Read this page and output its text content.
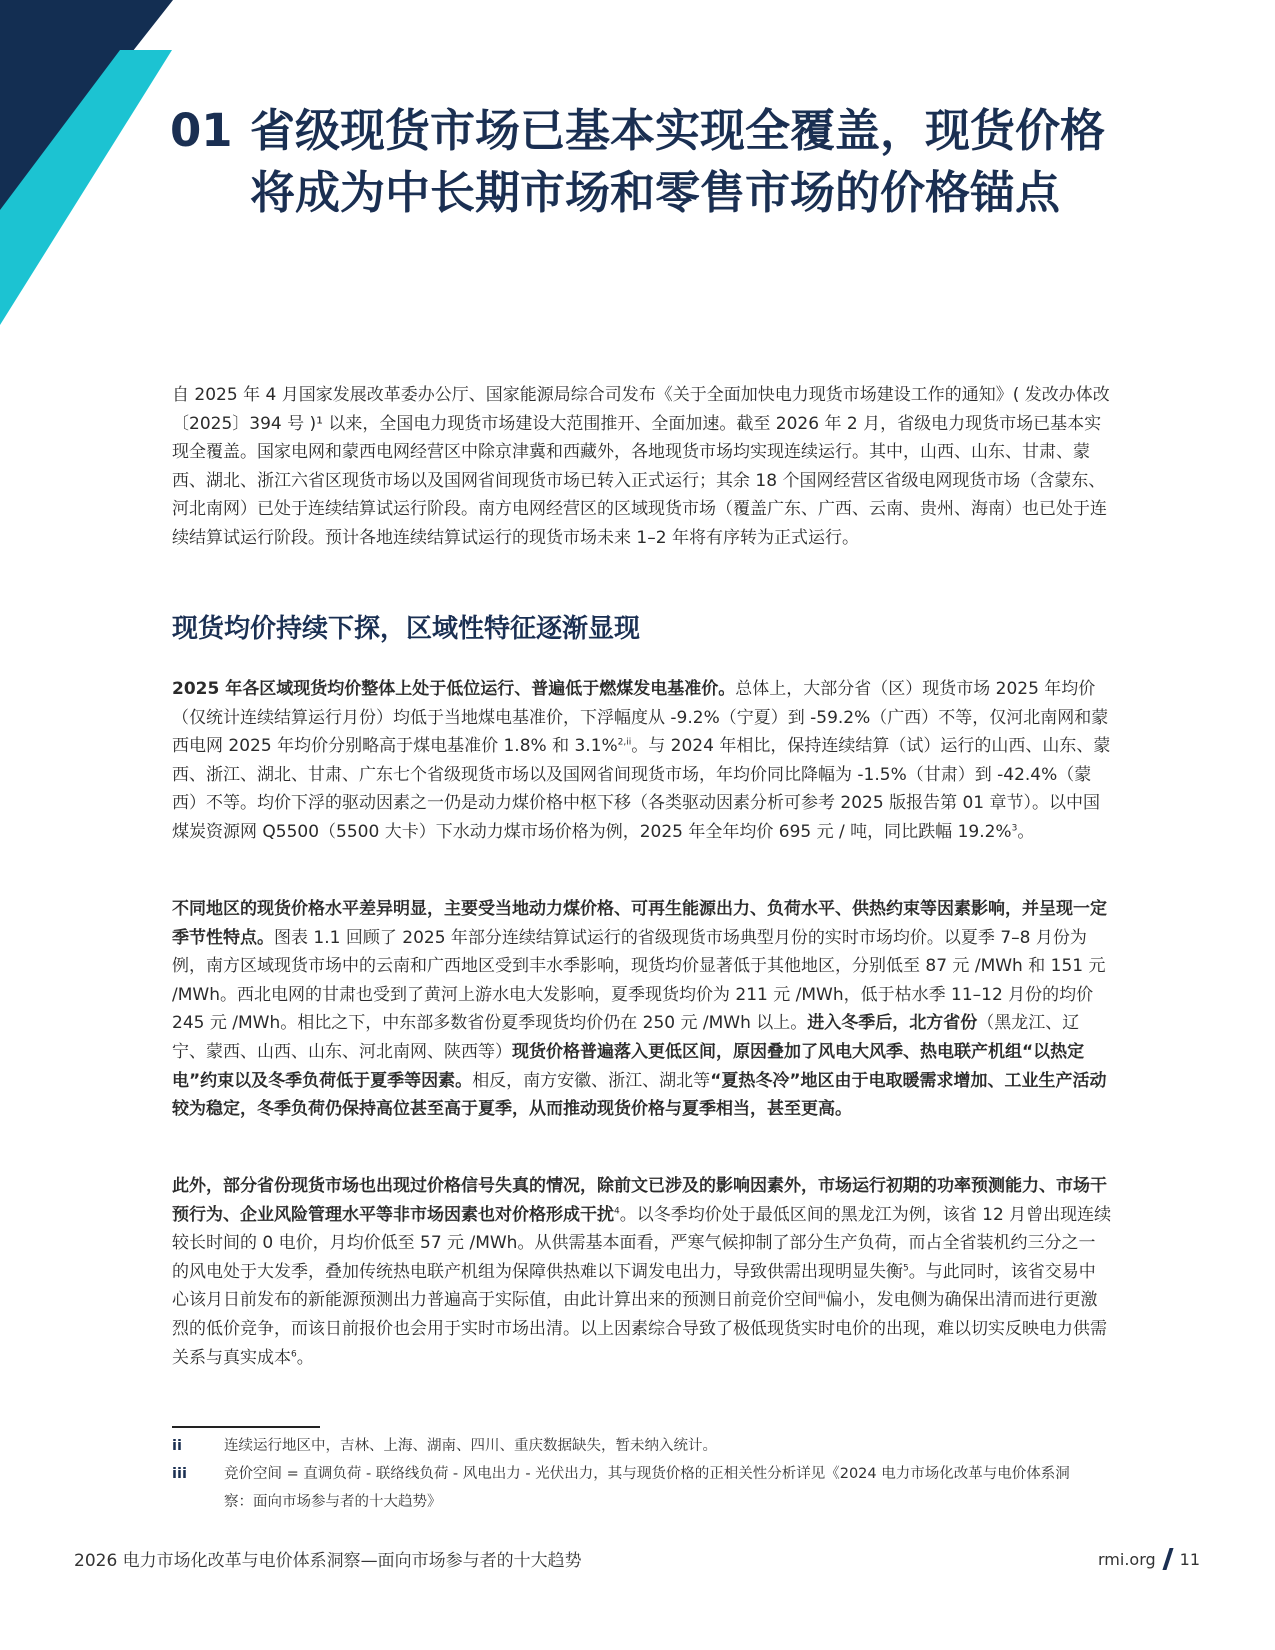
01 省级现货市场已基本实现全覆盖，现货价格将成为中长期市场和零售市场的价格锚点
自 2025 年 4 月国家发展改革委办公厅、国家能源局综合司发布《关于全面加快电力现货市场建设工作的通知》( 发改办体改〔2025〕394 号 )¹ 以来，全国电力现货市场建设大范围推开、全面加速。截至 2026 年 2 月，省级电力现货市场已基本实现全覆盖。国家电网和蒙西电网经营区中除京津冀和西藏外，各地现货市场均实现连续运行。其中，山西、山东、甘肃、蒙西、湖北、浙江六省区现货市场以及国网省间现货市场已转入正式运行；其余 18 个国网经营区省级电网现货市场（含蒙东、河北南网）已处于连续结算试运行阶段。南方电网经营区的区域现货市场（覆盖广东、广西、云南、贵州、海南）也已处于连续结算试运行阶段。预计各地连续结算试运行的现货市场未来 1–2 年将有序转为正式运行。
现货均价持续下探，区域性特征逐渐显现
2025 年各区域现货均价整体上处于低位运行、普遍低于燃煤发电基准价。总体上，大部分省（区）现货市场 2025 年均价（仅统计连续结算运行月份）均低于当地煤电基准价，下浮幅度从 -9.2%（宁夏）到 -59.2%（广西）不等，仅河北南网和蒙西电网 2025 年均价分别略高于煤电基准价 1.8% 和 3.1%$^{2,ii}$。与 2024 年相比，保持连续结算（试）运行的山西、山东、蒙西、浙江、湖北、甘肃、广东七个省级现货市场以及国网省间现货市场，年均价同比降幅为 -1.5%（甘肃）到 -42.4%（蒙西）不等。均价下浮的驱动因素之一仍是动力煤价格中枢下移（各类驱动因素分析可参考 2025 版报告第 01 章节）。以中国煤炭资源网 Q5500（5500 大卡）下水动力煤市场价格为例，2025 年全年均价 695 元 / 吨，同比跌幅 19.2%$^3$。
不同地区的现货价格水平差异明显，主要受当地动力煤价格、可再生能源出力、负荷水平、供热约束等因素影响，并呈现一定季节性特点。图表 1.1 回顾了 2025 年部分连续结算试运行的省级现货市场典型月份的实时市场均价。以夏季 7–8 月份为例，南方区域现货市场中的云南和广西地区受到丰水季影响，现货均价显著低于其他地区，分别低至 87 元 /MWh 和 151 元 /MWh。西北电网的甘肃也受到了黄河上游水电大发影响，夏季现货均价为 211 元 /MWh，低于枯水季 11–12 月份的均价 245 元 /MWh。相比之下，中东部多数省份夏季现货均价仍在 250 元 /MWh 以上。进入冬季后，北方省份（黑龙江、辽宁、蒙西、山西、山东、河北南网、陕西等）现货价格普遍落入更低区间，原因叠加了风电大风季、热电联产机组“以热定电”约束以及冬季负荷低于夏季等因素。相反，南方安徽、浙江、湖北等“夏热冬冷”地区由于电取暖需求增加、工业生产活动较为稳定，冬季负荷仍保持高位甚至高于夏季，从而推动现货价格与夏季相当，甚至更高。
此外，部分省份现货市场也出现过价格信号失真的情况，除前文已涉及的影响因素外，市场运行初期的功率预测能力、市场干预行为、企业风险管理水平等非市场因素也对价格形成干扰$^4$。以冬季均价处于最低区间的黑龙江为例，该省 12 月曾出现连续较长时间的 0 电价，月均价低至 57 元 /MWh。从供需基本面看，严寒气候抑制了部分生产负荷，而占全省装机约三分之一的风电处于大发季，叠加传统热电联产机组为保障供热难以下调发电出力，导致供需出现明显失衡$^5$。与此同时，该省交易中心该月日前发布的新能源预测出力普遍高于实际值，由此计算出来的预测日前竞价空间$^{iii}$偏小，发电侧为确保出清而进行更激烈的低价竞争，而该日前报价也会用于实时市场出清。以上因素综合导致了极低现货实时电价的出现，难以切实反映电力供需关系与真实成本$^6$。
ii	连续运行地区中，吉林、上海、湖南、四川、重庆数据缺失，暂未纳入统计。
iii	竞价空间 = 直调负荷 - 联络线负荷 - 风电出力 - 光伏出力，其与现货价格的正相关性分析详见《2024 电力市场化改革与电价体系洞察：面向市场参与者的十大趋势》
2026 电力市场化改革与电价体系洞察—面向市场参与者的十大趋势	rmi.org 11
